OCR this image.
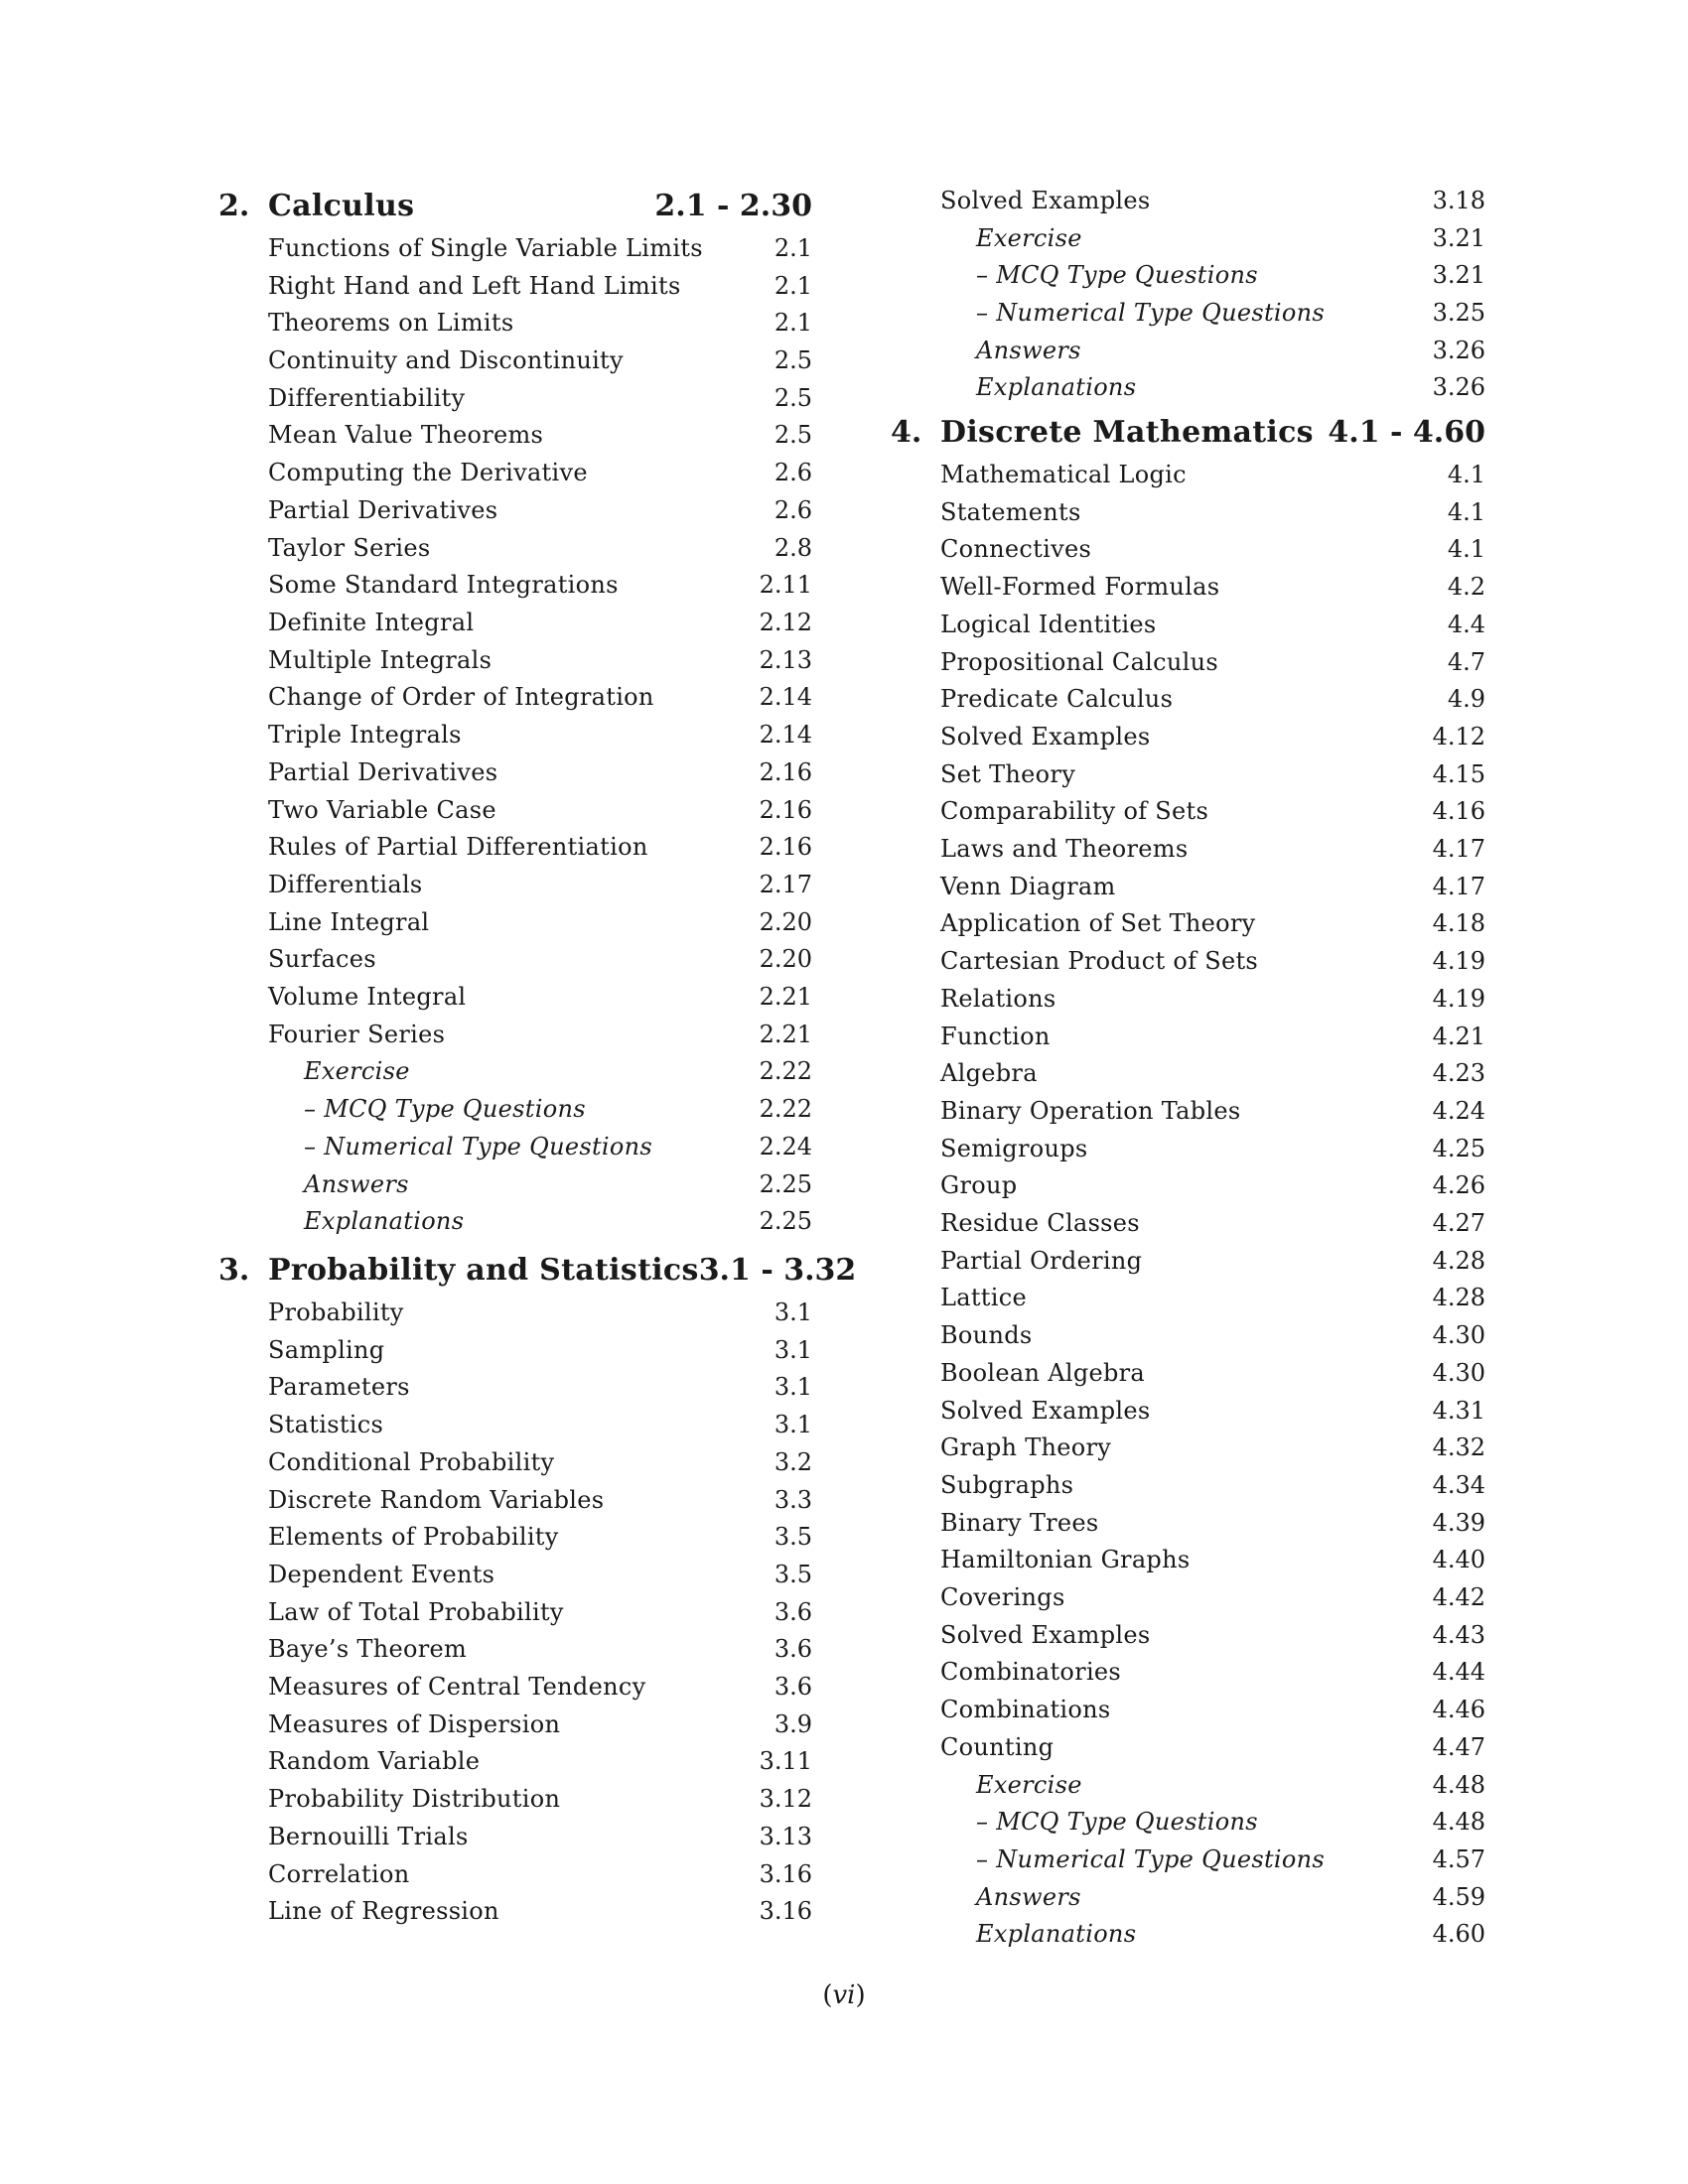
2. Calculus	2.1 - 2.30
Functions of Single Variable Limits	2.1
Right Hand and Left Hand Limits	2.1
Theorems on Limits	2.1
Continuity and Discontinuity	2.5
Differentiability	2.5
Mean Value Theorems	2.5
Computing the Derivative	2.6
Partial Derivatives	2.6
Taylor Series	2.8
Some Standard Integrations	2.11
Definite Integral	2.12
Multiple Integrals	2.13
Change of Order of Integration	2.14
Triple Integrals	2.14
Partial Derivatives	2.16
Two Variable Case	2.16
Rules of Partial Differentiation	2.16
Differentials	2.17
Line Integral	2.20
Surfaces	2.20
Volume Integral	2.21
Fourier Series	2.21
Exercise	2.22
– MCQ Type Questions	2.22
– Numerical Type Questions	2.24
Answers	2.25
Explanations	2.25
3. Probability and Statistics 3.1 - 3.32
Probability	3.1
Sampling	3.1
Parameters	3.1
Statistics	3.1
Conditional Probability	3.2
Discrete Random Variables	3.3
Elements of Probability	3.5
Dependent Events	3.5
Law of Total Probability	3.6
Baye’s Theorem	3.6
Measures of Central Tendency	3.6
Measures of Dispersion	3.9
Random Variable	3.11
Probability Distribution	3.12
Bernouilli Trials	3.13
Correlation	3.16
Line of Regression	3.16
Solved Examples	3.18
Exercise	3.21
– MCQ Type Questions	3.21
– Numerical Type Questions	3.25
Answers	3.26
Explanations	3.26
4. Discrete Mathematics 4.1 - 4.60
Mathematical Logic	4.1
Statements	4.1
Connectives	4.1
Well-Formed Formulas	4.2
Logical Identities	4.4
Propositional Calculus	4.7
Predicate Calculus	4.9
Solved Examples	4.12
Set Theory	4.15
Comparability of Sets	4.16
Laws and Theorems	4.17
Venn Diagram	4.17
Application of Set Theory	4.18
Cartesian Product of Sets	4.19
Relations	4.19
Function	4.21
Algebra	4.23
Binary Operation Tables	4.24
Semigroups	4.25
Group	4.26
Residue Classes	4.27
Partial Ordering	4.28
Lattice	4.28
Bounds	4.30
Boolean Algebra	4.30
Solved Examples	4.31
Graph Theory	4.32
Subgraphs	4.34
Binary Trees	4.39
Hamiltonian Graphs	4.40
Coverings	4.42
Solved Examples	4.43
Combinatories	4.44
Combinations	4.46
Counting	4.47
Exercise	4.48
– MCQ Type Questions	4.48
– Numerical Type Questions	4.57
Answers	4.59
Explanations	4.60
(vi)
